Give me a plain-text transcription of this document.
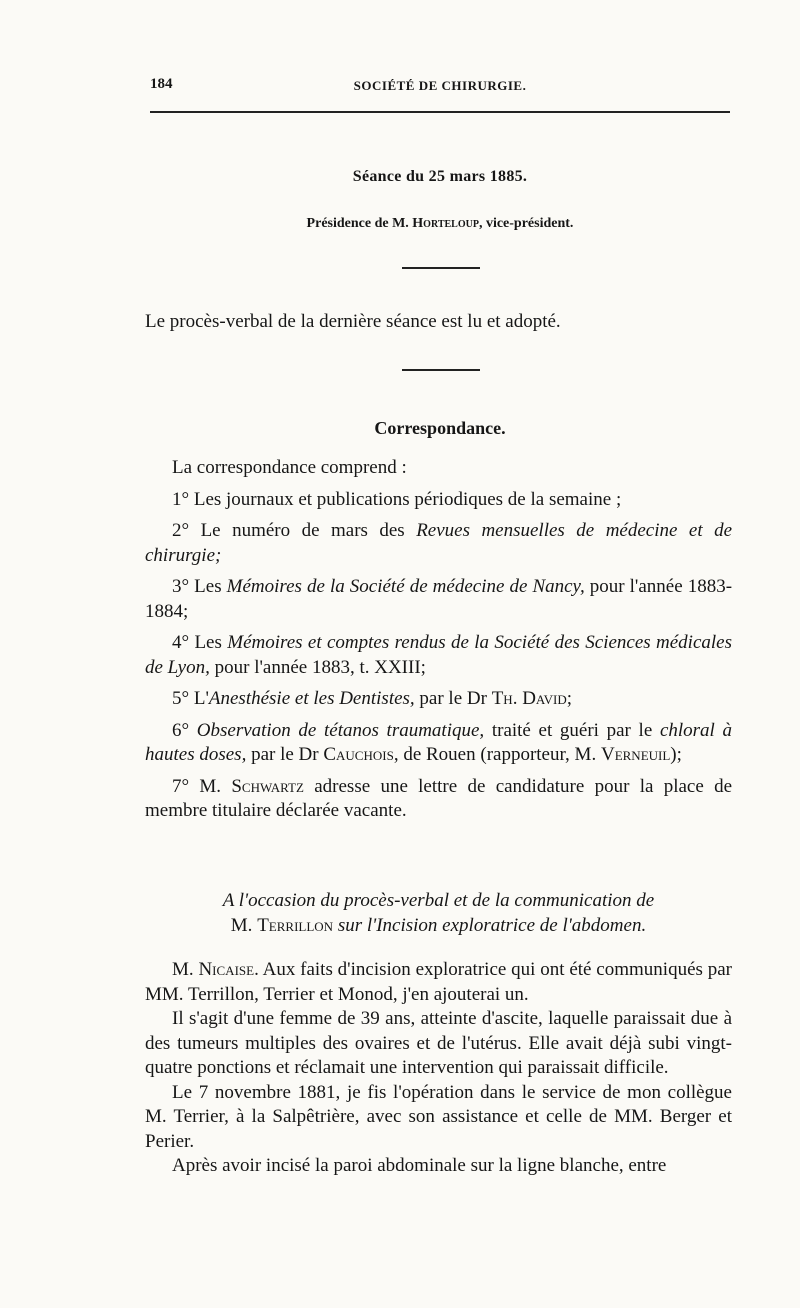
184	SOCIÉTÉ DE CHIRURGIE.
Séance du 25 mars 1885.
Présidence de M. Horteloup, vice-président.

Le procès-verbal de la dernière séance est lu et adopté.

Correspondance.

La correspondance comprend :

1° Les journaux et publications périodiques de la semaine ;

2° Le numéro de mars des Revues mensuelles de médecine et de chirurgie;

3° Les Mémoires de la Société de médecine de Nancy, pour l'année 1883-1884;

4° Les Mémoires et comptes rendus de la Société des Sciences médicales de Lyon, pour l'année 1883, t. XXIII;

5° L'Anesthésie et les Dentistes, par le Dr Th. David;

6° Observation de tétanos traumatique, traité et guéri par le chloral à hautes doses, par le Dr Cauchois, de Rouen (rapporteur, M. Verneuil);

7° M. Schwartz adresse une lettre de candidature pour la place de membre titulaire déclarée vacante.

A l'occasion du procès-verbal et de la communication de
M. Terrillon sur l'Incision exploratrice de l'abdomen.

M. Nicaise. Aux faits d'incision exploratrice qui ont été communiqués par MM. Terrillon, Terrier et Monod, j'en ajouterai un.

Il s'agit d'une femme de 39 ans, atteinte d'ascite, laquelle paraissait due à des tumeurs multiples des ovaires et de l'utérus. Elle avait déjà subi vingt-quatre ponctions et réclamait une intervention qui paraissait difficile.

Le 7 novembre 1881, je fis l'opération dans le service de mon collègue M. Terrier, à la Salpêtrière, avec son assistance et celle de MM. Berger et Perier.

Après avoir incisé la paroi abdominale sur la ligne blanche, entre
